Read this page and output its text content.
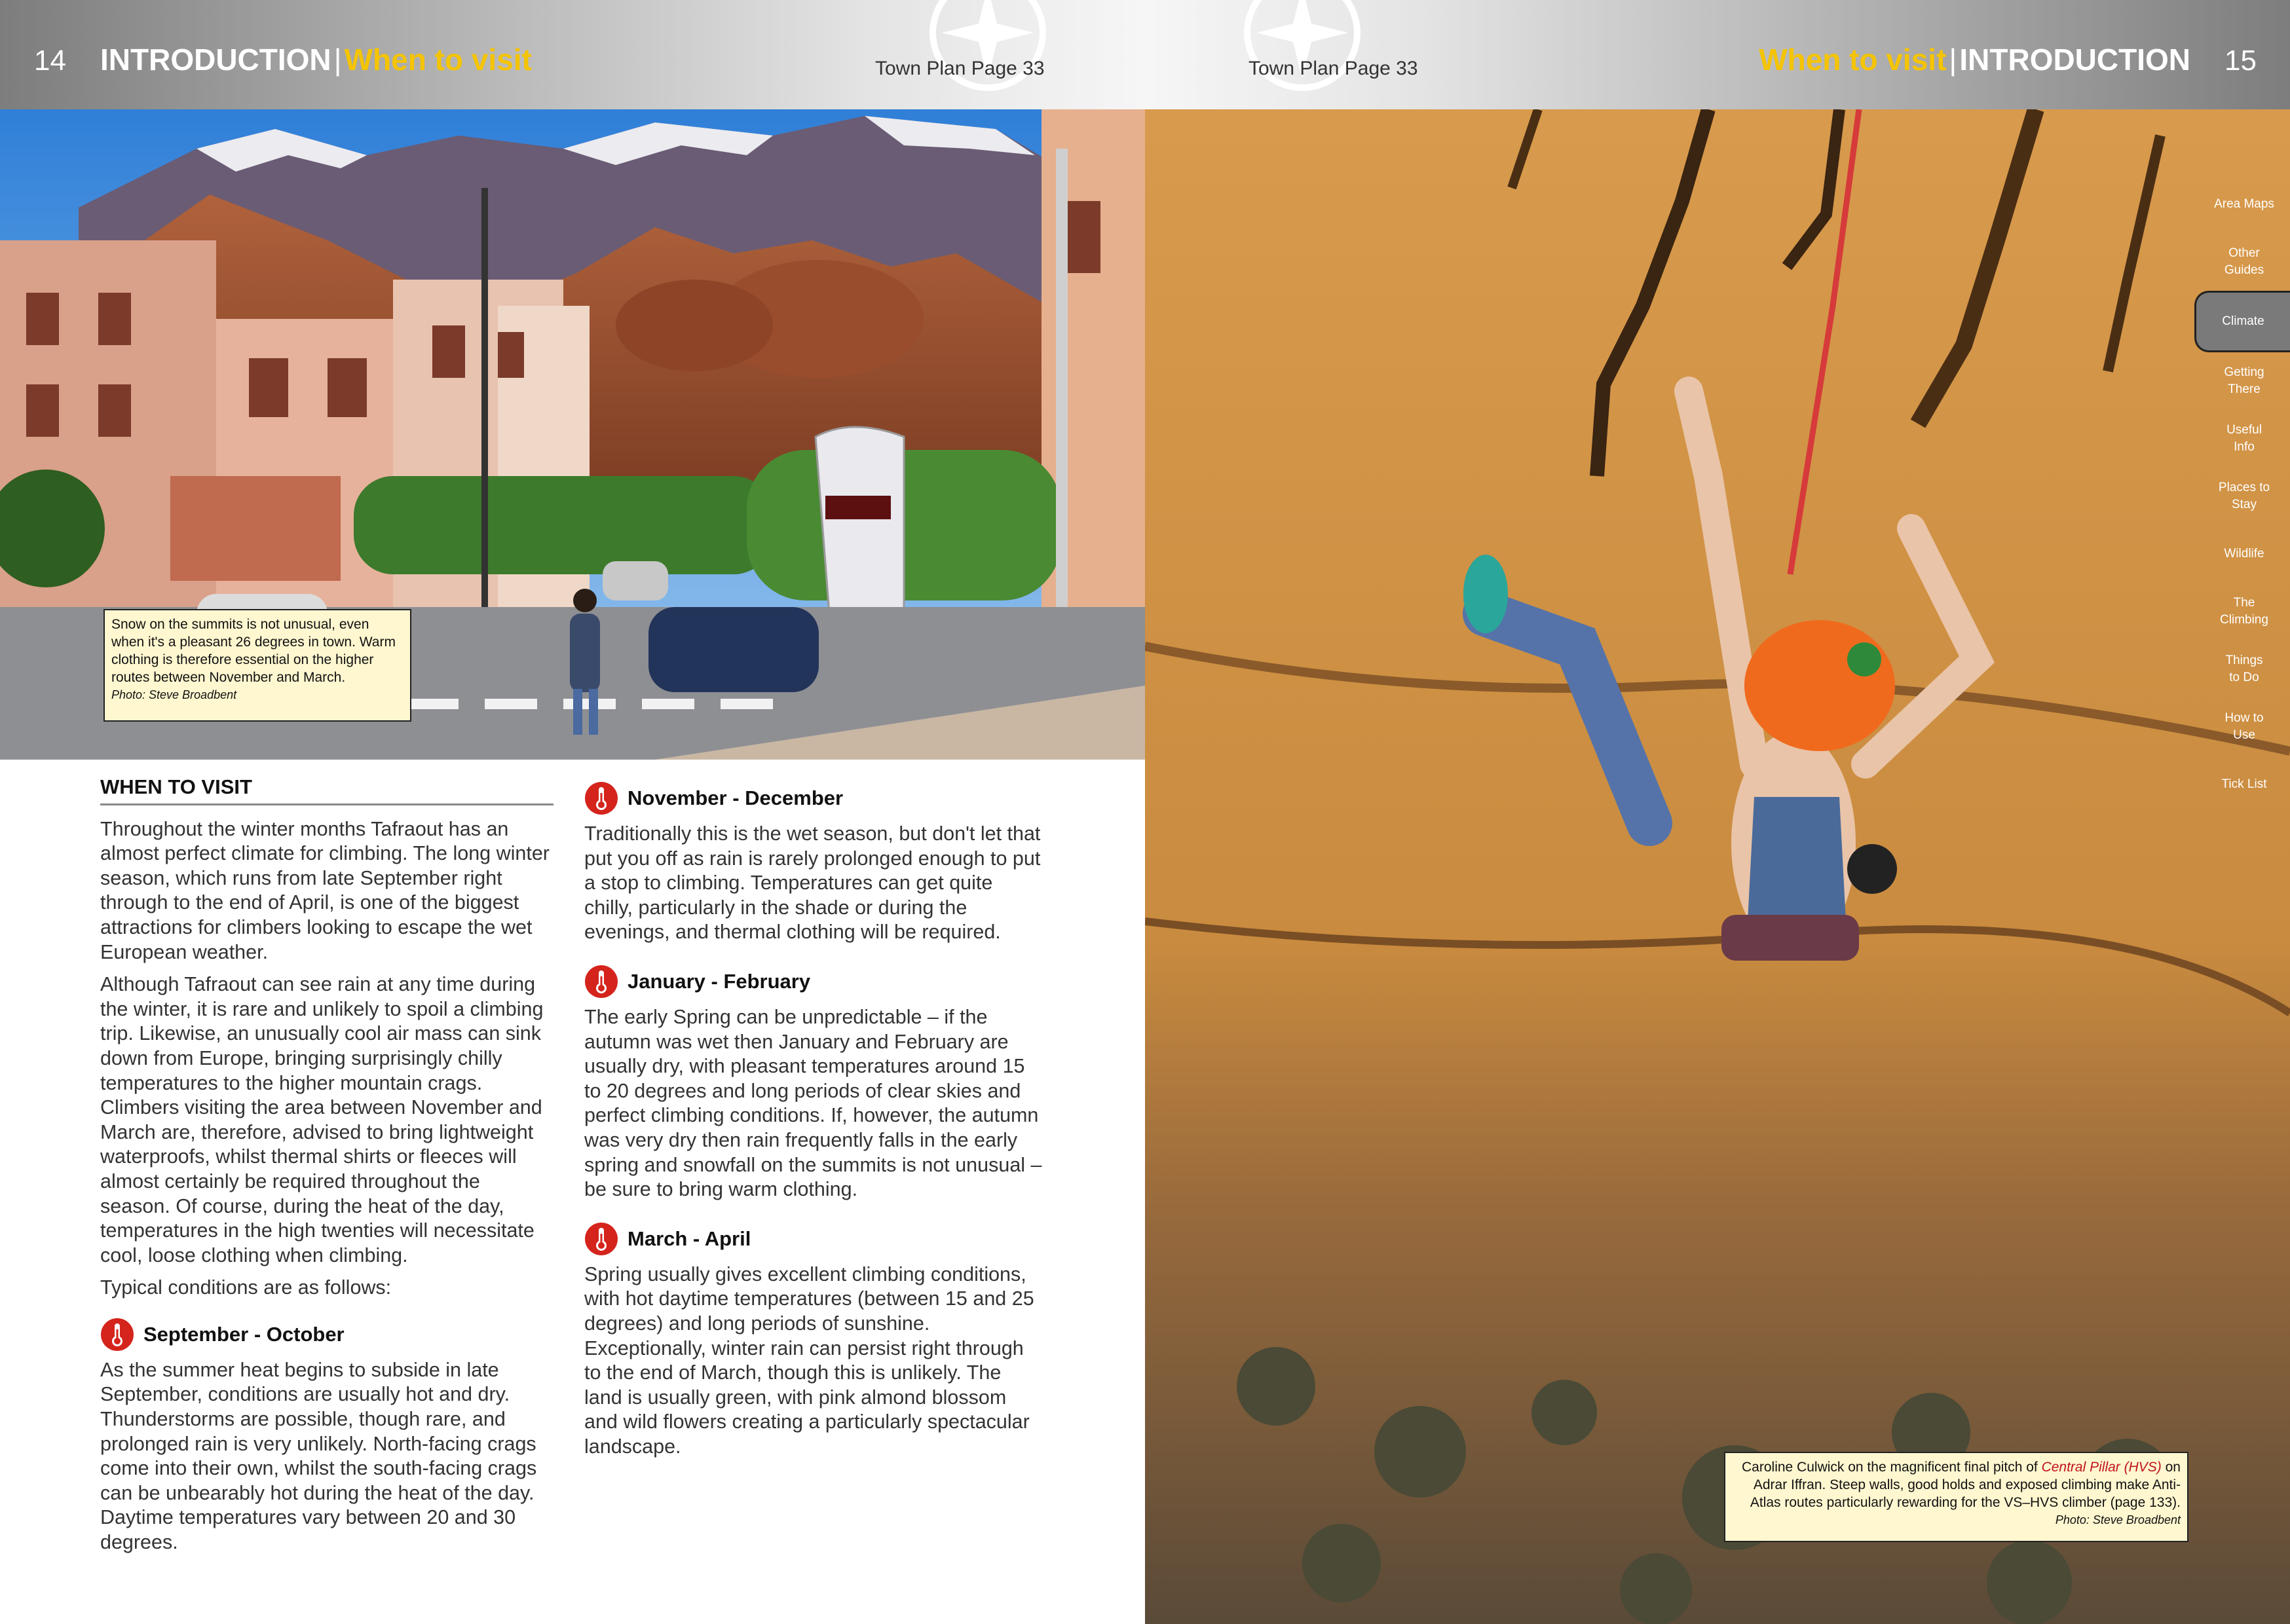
14 INTRODUCTION|When to visit	Town Plan Page 33	Town Plan Page 33	When to visit|INTRODUCTION 15
Snow on the summits is not unusual, even when it's a pleasant 26 degrees in town. Warm clothing is therefore essential on the higher routes between November and March.
Photo: Steve Broadbent
Caroline Culwick on the magnificent final pitch of Central Pillar (HVS) on Adrar Iffran. Steep walls, good holds and exposed climbing make Anti-Atlas routes particularly rewarding for the VS–HVS climber (page 133).
Photo: Steve Broadbent
Area Maps
Other
Guides
Climate
Getting
There
Useful
Info
Places to
Stay
Wildlife
The
Climbing
Things
to Do
How to
Use
Tick List
WHEN TO VISIT

Throughout the winter months Tafraout has an almost perfect climate for climbing. The long winter season, which runs from late September right through to the end of April, is one of the biggest attractions for climbers looking to escape the wet European weather.

Although Tafraout can see rain at any time during the winter, it is rare and unlikely to spoil a climbing trip. Likewise, an unusually cool air mass can sink down from Europe, bringing surprisingly chilly temperatures to the higher mountain crags. Climbers visiting the area between November and March are, therefore, advised to bring lightweight waterproofs, whilst thermal shirts or fleeces will almost certainly be required throughout the season. Of course, during the heat of the day, temperatures in the high twenties will necessitate cool, loose clothing when climbing.

Typical conditions are as follows:

September - October

As the summer heat begins to subside in late September, conditions are usually hot and dry. Thunderstorms are possible, though rare, and prolonged rain is very unlikely. North-facing crags come into their own, whilst the south-facing crags can be unbearably hot during the heat of the day. Daytime temperatures vary between 20 and 30 degrees.

November - December

Traditionally this is the wet season, but don't let that put you off as rain is rarely prolonged enough to put a stop to climbing. Temperatures can get quite chilly, particularly in the shade or during the evenings, and thermal clothing will be required.

January - February

The early Spring can be unpredictable – if the autumn was wet then January and February are usually dry, with pleasant temperatures around 15 to 20 degrees and long periods of clear skies and perfect climbing conditions. If, however, the autumn was very dry then rain frequently falls in the early spring and snowfall on the summits is not unusual – be sure to bring warm clothing.

March - April

Spring usually gives excellent climbing conditions, with hot daytime temperatures (between 15 and 25 degrees) and long periods of sunshine. Exceptionally, winter rain can persist right through to the end of March, though this is unlikely. The land is usually green, with pink almond blossom and wild flowers creating a particularly spectacular landscape.
